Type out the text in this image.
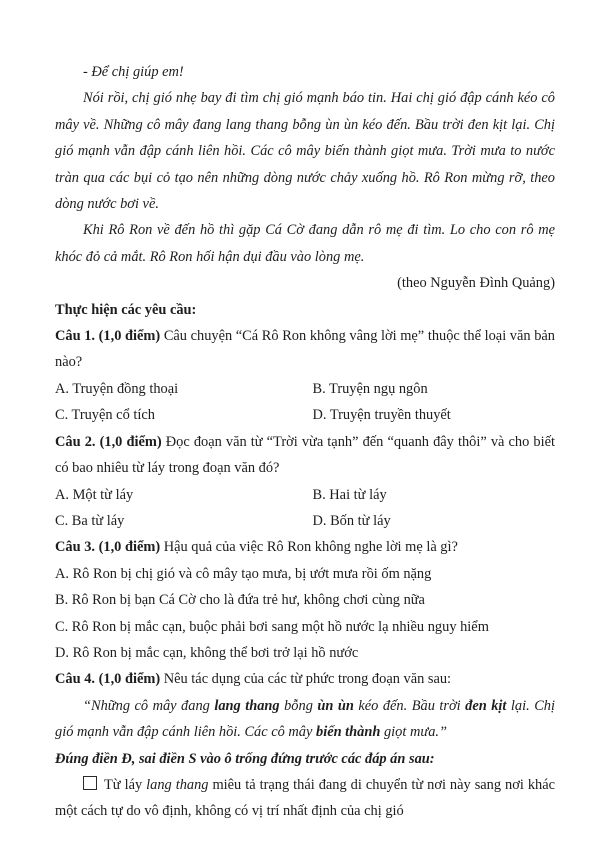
- Để chị giúp em!

Nói rồi, chị gió nhẹ bay đi tìm chị gió mạnh báo tin. Hai chị gió đập cánh kéo cô mây về. Những cô mây đang lang thang bỗng ùn ùn kéo đến. Bầu trời đen kịt lại. Chị gió mạnh vẫn đập cánh liên hồi. Các cô mây biến thành giọt mưa. Trời mưa to nước tràn qua các bụi cỏ tạo nên những dòng nước chảy xuống hồ. Rô Ron mừng rỡ, theo dòng nước bơi về.

Khi Rô Ron về đến hồ thì gặp Cá Cờ đang dẫn rô mẹ đi tìm. Lo cho con rô mẹ khóc đỏ cả mắt. Rô Ron hối hận dụi đầu vào lòng mẹ.

(theo Nguyễn Đình Quảng)

Thực hiện các yêu cầu:

Câu 1. (1,0 điểm) Câu chuyện “Cá Rô Ron không vâng lời mẹ” thuộc thể loại văn bản nào?

A. Truyện đồng thoại	B. Truyện ngụ ngôn

C. Truyện cổ tích	D. Truyện truyền thuyết

Câu 2. (1,0 điểm) Đọc đoạn văn từ “Trời vừa tạnh” đến “quanh đây thôi” và cho biết có bao nhiêu từ láy trong đoạn văn đó?

A. Một từ láy	B. Hai từ láy

C. Ba từ láy	D. Bốn từ láy

Câu 3. (1,0 điểm) Hậu quả của việc Rô Ron không nghe lời mẹ là gì?

A. Rô Ron bị chị gió và cô mây tạo mưa, bị ướt mưa rồi ốm nặng

B. Rô Ron bị bạn Cá Cờ cho là đứa trẻ hư, không chơi cùng nữa

C. Rô Ron bị mắc cạn, buộc phải bơi sang một hồ nước lạ nhiều nguy hiểm

D. Rô Ron bị mắc cạn, không thể bơi trở lại hồ nước

Câu 4. (1,0 điểm) Nêu tác dụng của các từ phức trong đoạn văn sau:

“Những cô mây đang lang thang bỗng ùn ùn kéo đến. Bầu trời đen kịt lại. Chị gió mạnh vẫn đập cánh liên hồi. Các cô mây biến thành giọt mưa.”

Đúng điền Đ, sai điền S vào ô trống đứng trước các đáp án sau:

Từ láy lang thang miêu tả trạng thái đang di chuyển từ nơi này sang nơi khác một cách tự do vô định, không có vị trí nhất định của chị gió
